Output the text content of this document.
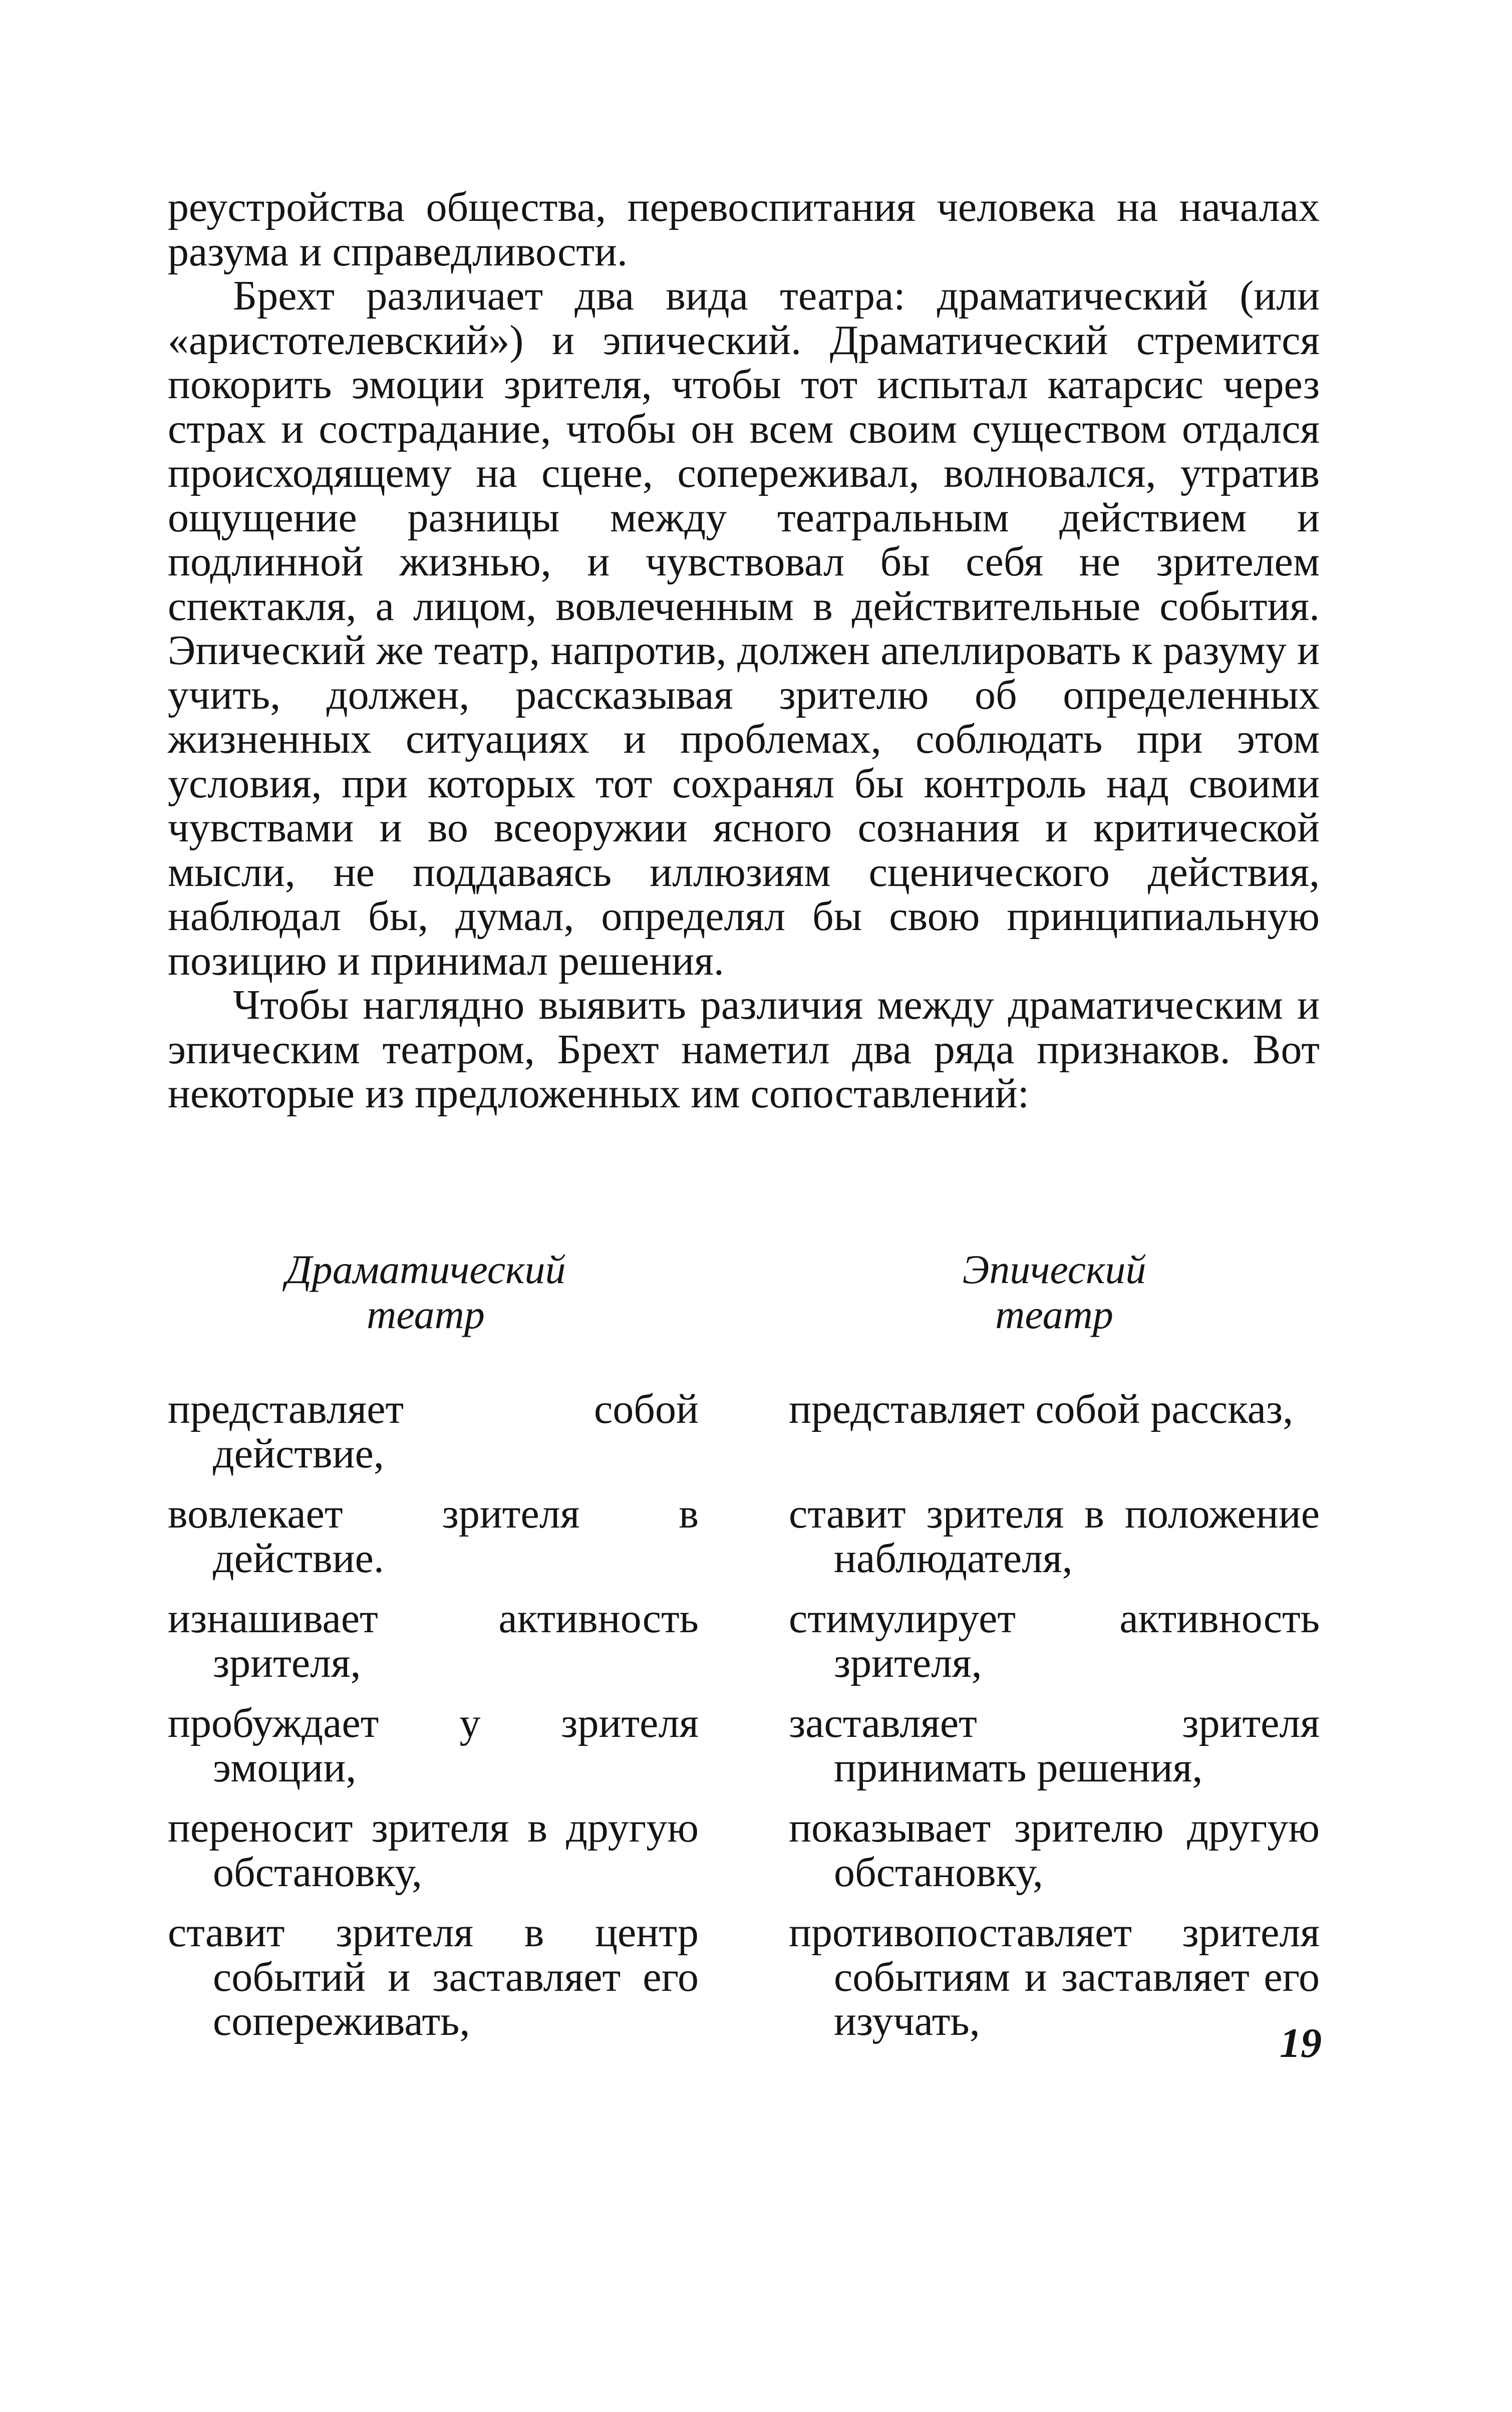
реустройства общества, перевоспитания человека на началах разума и справедливости.

Брехт различает два вида театра: драматический (или «аристотелевский») и эпический. Драматический стремится покорить эмоции зрителя, чтобы тот испытал катарсис через страх и сострадание, чтобы он всем своим существом отдался происходящему на сцене, сопереживал, волновался, утратив ощущение разницы между театральным действием и подлинной жизнью, и чувствовал бы себя не зрителем спектакля, а лицом, вовлеченным в действительные события. Эпический же театр, напротив, должен апеллировать к разуму и учить, должен, рассказывая зрителю об определенных жизненных ситуациях и проблемах, соблюдать при этом условия, при которых тот сохранял бы контроль над своими чувствами и во всеоружии ясного сознания и критической мысли, не поддаваясь иллюзиям сценического действия, наблюдал бы, думал, определял бы свою принципиальную позицию и принимал решения.

Чтобы наглядно выявить различия между драматическим и эпическим театром, Брехт наметил два ряда признаков. Вот некоторые из предложенных им сопоставлений:

Драматический
театр
Эпический
театр
представляет собой действие,
представляет собой рассказ,
вовлекает зрителя в действие.
ставит зрителя в положение наблюдателя,
изнашивает активность зрителя,
стимулирует активность зрителя,
пробуждает у зрителя эмоции,
заставляет зрителя принимать решения,
переносит зрителя в другую обстановку,
показывает зрителю другую обстановку,
ставит зрителя в центр событий и заставляет его сопереживать,
противопоставляет зрителя событиям и заставляет его изучать,	19
